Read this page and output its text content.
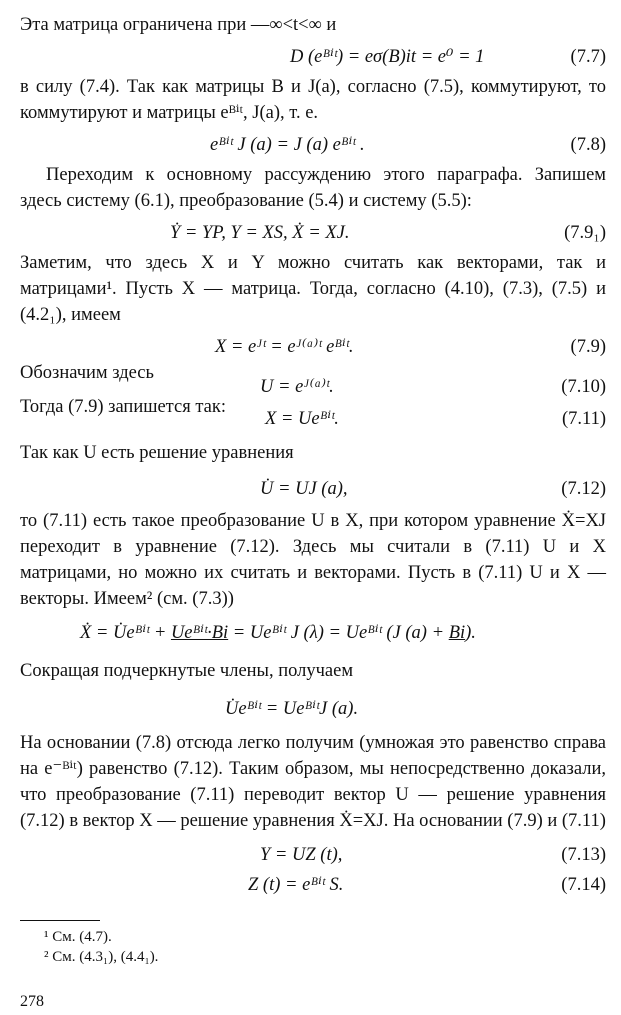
Эта матрица ограничена при —∞<t<∞ и

D (eᴮⁱᵗ) = eσ(B)it = e⁰ = 1	(7.7)

в силу (7.4). Так как матрицы B и J(a), согласно (7.5), коммутируют, то коммутируют и матрицы eᴮⁱᵗ, J(a), т. е.

eᴮⁱᵗ J (a) = J (a) eᴮⁱᵗ .	(7.8)

Переходим к основному рассуждению этого параграфа. Запишем здесь систему (6.1), преобразование (5.4) и систему (5.5):

Ẏ = YP, Y = XS, Ẋ = XJ.	(7.9₁)

Заметим, что здесь X и Y можно считать как векторами, так и матрицами¹. Пусть X — матрица. Тогда, согласно (4.10), (7.3), (7.5) и (4.2₁), имеем

X = eᴶᵗ = eᴶ⁽ᵃ⁾ᵗ eᴮⁱᵗ.	(7.9)
Обозначим здесь
U = eᴶ⁽ᵃ⁾ᵗ.	(7.10)
Тогда (7.9) запишется так:
X = Ueᴮⁱᵗ.	(7.11)

Так как U есть решение уравнения

U̇ = UJ (a),	(7.12)

то (7.11) есть такое преобразование U в X, при котором уравнение Ẋ=XJ переходит в уравнение (7.12). Здесь мы считали в (7.11) U и X матрицами, но можно их считать и векторами. Пусть в (7.11) U и X — векторы. Имеем² (см. (7.3))

Ẋ = U̇eᴮⁱᵗ + Ueᴮⁱᵗ·Bi = Ueᴮⁱᵗ J (λ) = Ueᴮⁱᵗ (J (a) + Bi).

Сокращая подчеркнутые члены, получаем

U̇eᴮⁱᵗ = UeᴮⁱᵗJ (a).

На основании (7.8) отсюда легко получим (умножая это равенство справа на e⁻ᴮⁱᵗ) равенство (7.12). Таким образом, мы непосредственно доказали, что преобразование (7.11) переводит вектор U — решение уравнения (7.12) в вектор X — решение уравнения Ẋ=XJ. На основании (7.9) и (7.11)

Y = UZ (t),	(7.13)
Z (t) = eᴮⁱᵗ S.	(7.14)

¹ См. (4.7).

² См. (4.3₁), (4.4₁).

278
